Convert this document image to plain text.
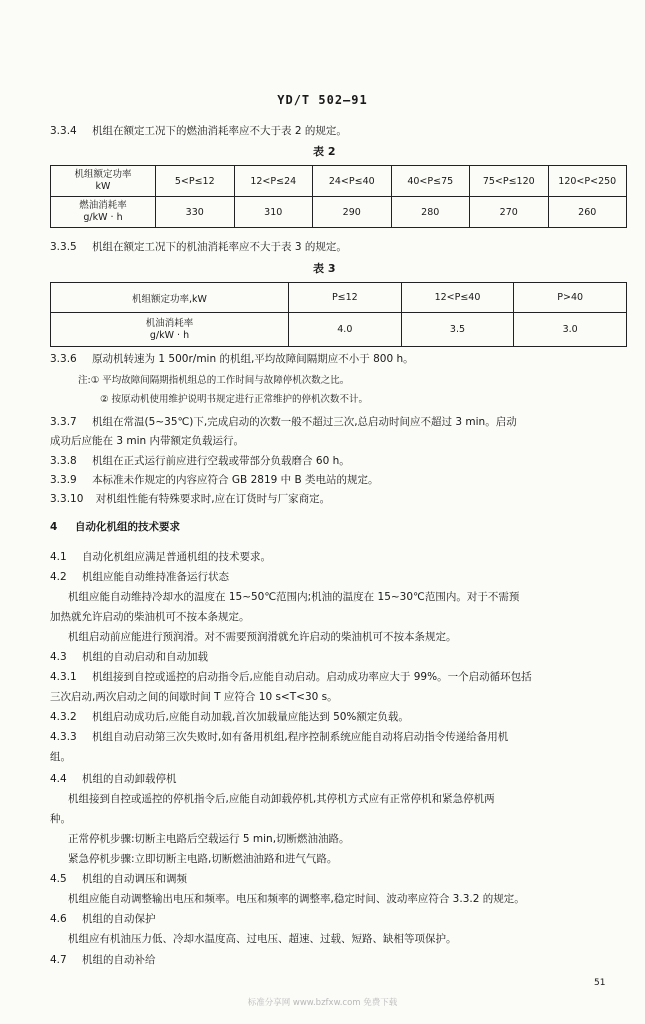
YD/T 502—91
3.3.4 机组在额定工况下的燃油消耗率应不大于表 2 的规定。
表 2
机组额定功率
kW	5<P≤12	12<P≤24	24<P≤40	40<P≤75	75<P≤120	120<P<250

燃油消耗率
g/kW · h	330	310	290	280	270	260
3.3.5 机组在额定工况下的机油消耗率应不大于表 3 的规定。
表 3
机组额定功率,kW	P≤12	12<P≤40	P>40

机油消耗率
g/kW · h	4.0	3.5	3.0
3.3.6 原动机转速为 1 500r/min 的机组,平均故障间隔期应不小于 800 h。
注:① 平均故障间隔期指机组总的工作时间与故障停机次数之比。
② 按原动机使用维护说明书规定进行正常维护的停机次数不计。
3.3.7 机组在常温(5~35℃)下,完成启动的次数一般不超过三次,总启动时间应不超过 3 min。启动
成功后应能在 3 min 内带额定负载运行。
3.3.8 机组在正式运行前应进行空载或带部分负载磨合 60 h。
3.3.9 本标准未作规定的内容应符合 GB 2819 中 B 类电站的规定。
3.3.10 对机组性能有特殊要求时,应在订货时与厂家商定。
4 自动化机组的技术要求
4.1 自动化机组应满足普通机组的技术要求。
4.2 机组应能自动维持准备运行状态
机组应能自动维持冷却水的温度在 15~50℃范围内;机油的温度在 15~30℃范围内。对于不需预
加热就允许启动的柴油机可不按本条规定。
机组启动前应能进行预润滑。对不需要预润滑就允许启动的柴油机可不按本条规定。
4.3 机组的自动启动和自动加载
4.3.1 机组接到自控或遥控的启动指令后,应能自动启动。启动成功率应大于 99%。一个启动循环包括
三次启动,两次启动之间的间歇时间 T 应符合 10 s<T<30 s。
4.3.2 机组启动成功后,应能自动加载,首次加载量应能达到 50%额定负载。
4.3.3 机组自动启动第三次失败时,如有备用机组,程序控制系统应能自动将启动指令传递给备用机
组。
4.4 机组的自动卸载停机
机组接到自控或遥控的停机指令后,应能自动卸载停机,其停机方式应有正常停机和紧急停机两
种。
正常停机步骤:切断主电路后空载运行 5 min,切断燃油油路。
紧急停机步骤:立即切断主电路,切断燃油油路和进气气路。
4.5 机组的自动调压和调频
机组应能自动调整输出电压和频率。电压和频率的调整率,稳定时间、波动率应符合 3.3.2 的规定。
4.6 机组的自动保护
机组应有机油压力低、冷却水温度高、过电压、超速、过载、短路、缺相等项保护。
4.7 机组的自动补给
51
标准分享网 www.bzfxw.com 免费下载
